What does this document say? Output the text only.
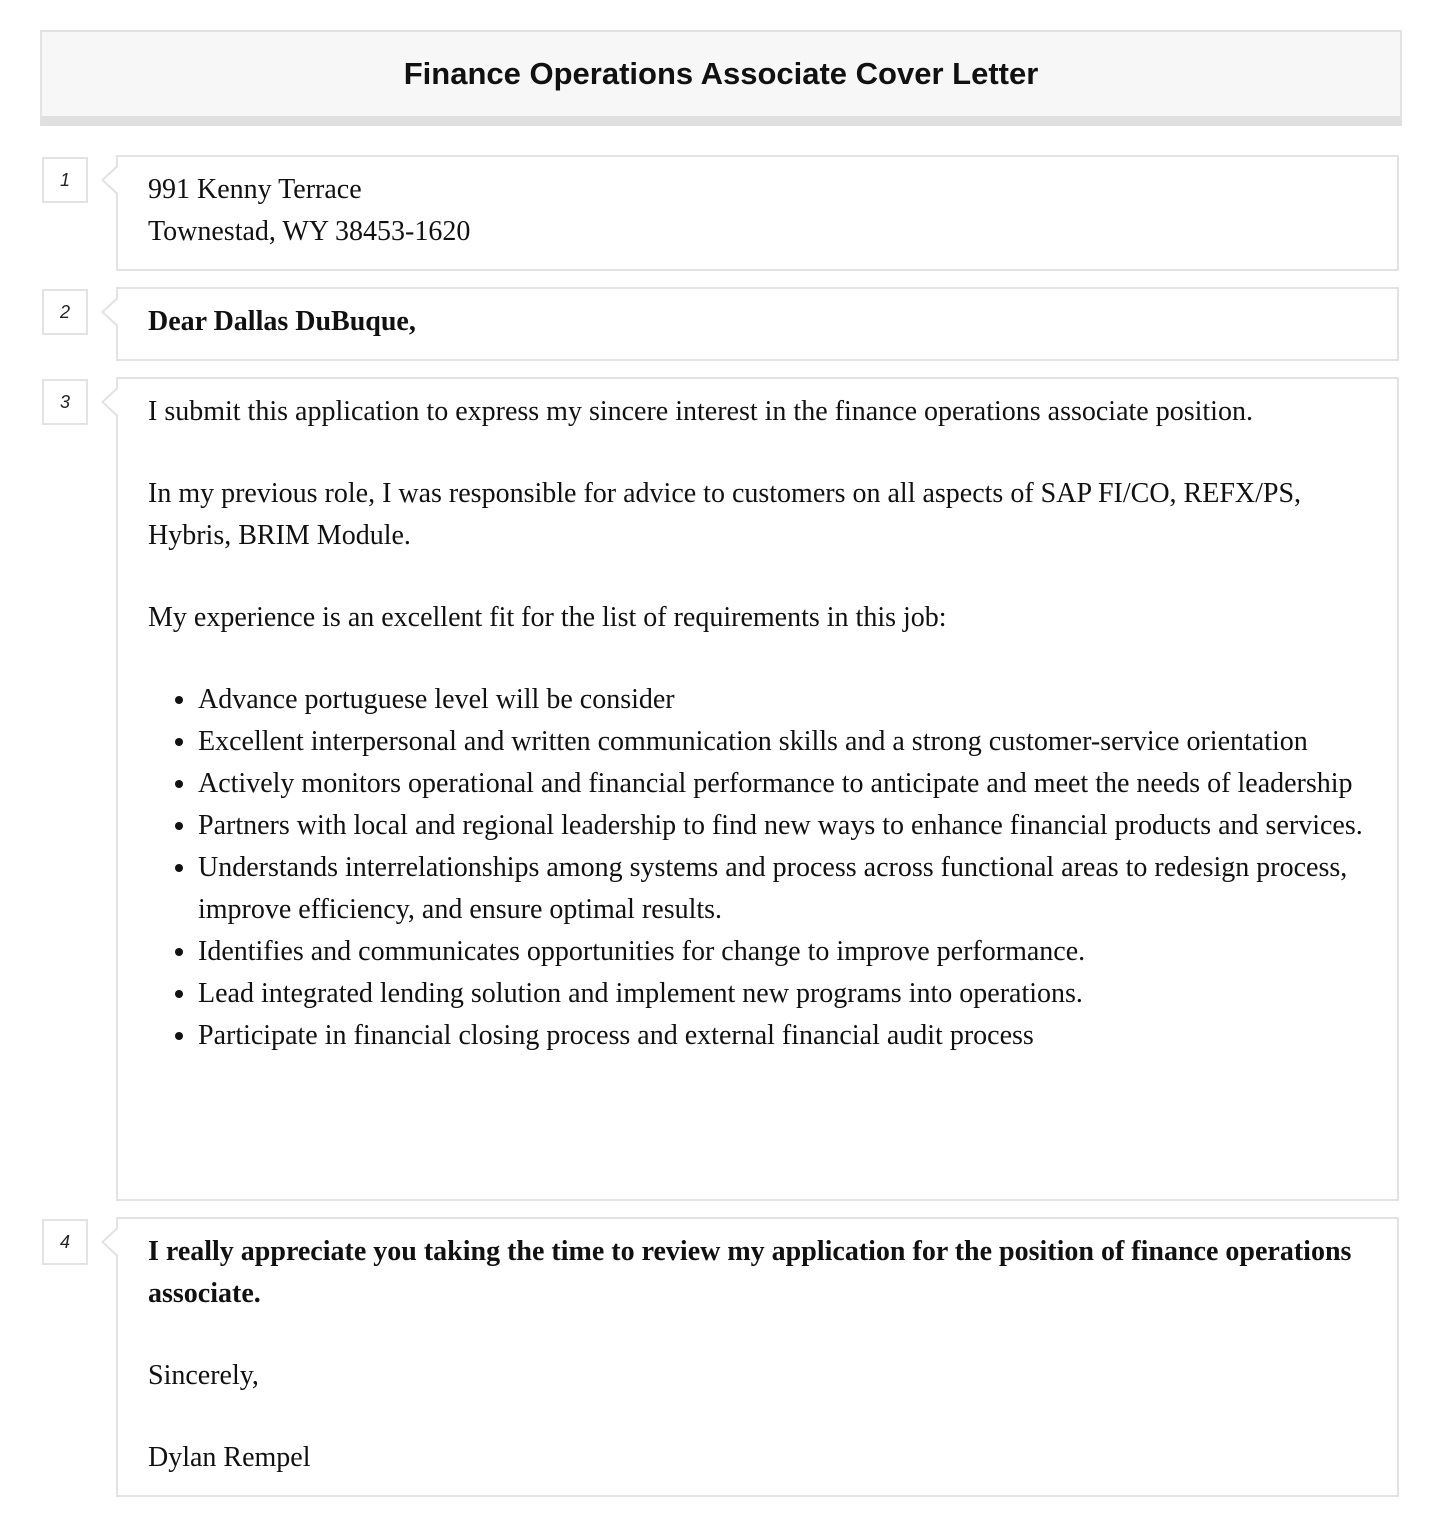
Finance Operations Associate Cover Letter
1	991 Kenny Terrace

Townestad, WY 38453-1620

2	Dear Dallas DuBuque,

3	I submit this application to express my sincere interest in the finance operations associate position.

In my previous role, I was responsible for advice to customers on all aspects of SAP FI/CO, REFX/PS, Hybris, BRIM Module.

My experience is an excellent fit for the list of requirements in this job:

• Advance portuguese level will be consider
• Excellent interpersonal and written communication skills and a strong customer-service orientation
• Actively monitors operational and financial performance to anticipate and meet the needs of leadership
• Partners with local and regional leadership to find new ways to enhance financial products and services.
• Understands interrelationships among systems and process across functional areas to redesign process, improve efficiency, and ensure optimal results.
• Identifies and communicates opportunities for change to improve performance.
• Lead integrated lending solution and implement new programs into operations.
• Participate in financial closing process and external financial audit process
4	I really appreciate you taking the time to review my application for the position of finance operations associate.

Sincerely,

Dylan Rempel
